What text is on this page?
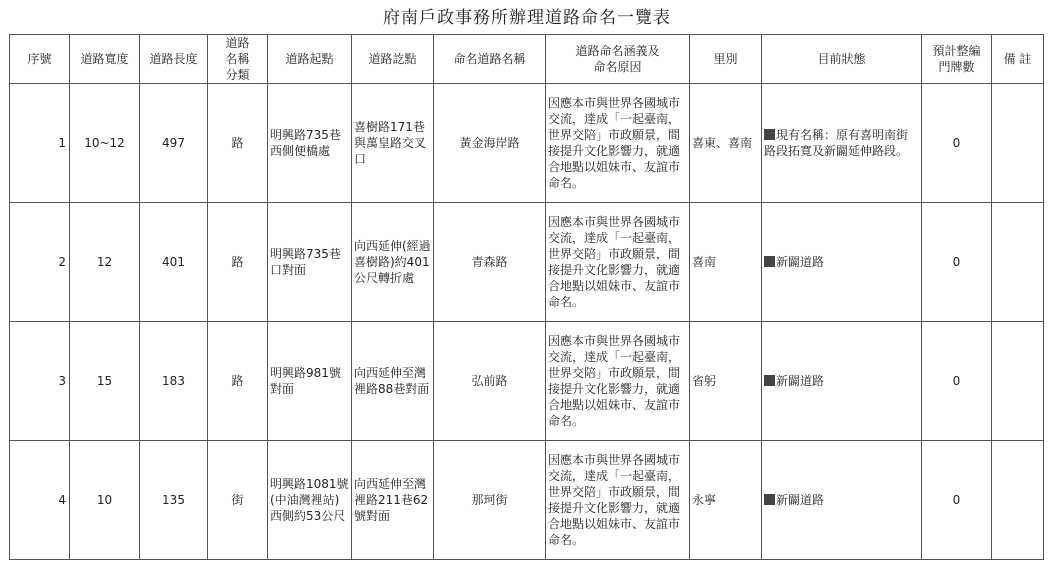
府南戶政事務所辦理道路命名一覽表
序號	道路寬度	道路長度	道路名稱分類	道路起點	道路訖點	命名道路名稱	道路命名涵義及命名原因	里別	目前狀態	預計整編門牌數	備 註
1	10~12	497	路	明興路735巷西側便橋處	喜樹路171巷與萬皇路交叉口	黃金海岸路	因應本市與世界各國城市交流，達成「一起臺南，世界交陪」市政願景，間接提升文化影響力，就適合地點以姐妹市、友誼市命名。	喜東、喜南	現有名稱：原有喜明南街路段拓寬及新闢延伸路段。	0	
2	12	401	路	明興路735巷口對面	向西延伸(經過喜樹路)約401公尺轉折處	青森路	因應本市與世界各國城市交流，達成「一起臺南，世界交陪」市政願景，間接提升文化影響力，就適合地點以姐妹市、友誼市命名。	喜南	新闢道路	0	
3	15	183	路	明興路981號對面	向西延伸至灣裡路88巷對面	弘前路	因應本市與世界各國城市交流，達成「一起臺南，世界交陪」市政願景，間接提升文化影響力，就適合地點以姐妹市、友誼市命名。	省躬	新闢道路	0	
4	10	135	街	明興路1081號(中油灣裡站)西側約53公尺	向西延伸至灣裡路211巷62號對面	那珂街	因應本市與世界各國城市交流，達成「一起臺南，世界交陪」市政願景，間接提升文化影響力，就適合地點以姐妹市、友誼市命名。	永寧	新闢道路	0	
